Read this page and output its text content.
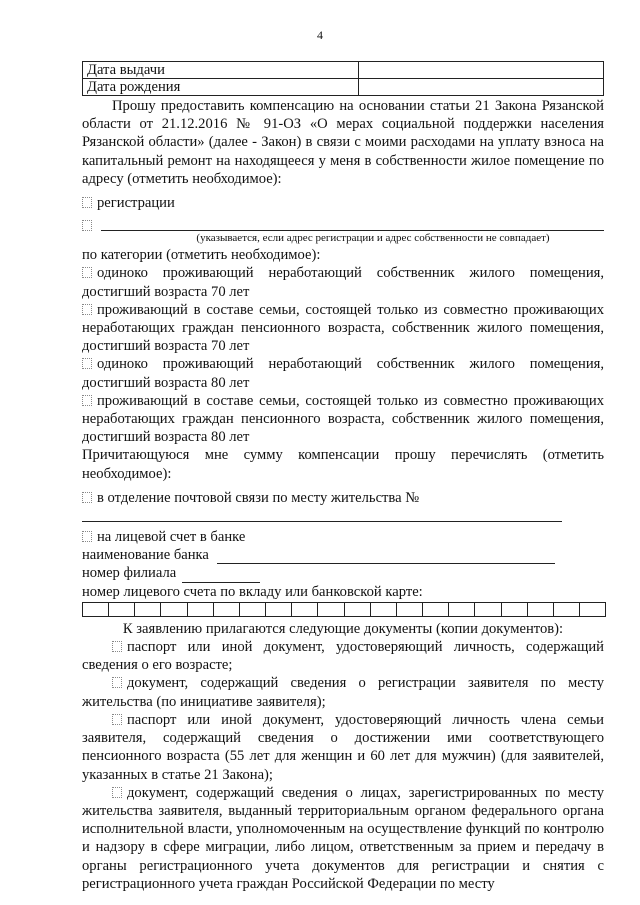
4
Дата выдачи	
Дата рождения	

Прошу предоставить компенсацию на основании статьи 21 Закона Рязанской области от 21.12.2016 № 91-ОЗ «О мерах социальной поддержки населения Рязанской области» (далее - Закон) в связи с моими расходами на уплату взноса на капитальный ремонт на находящееся у меня в собственности жилое помещение по адресу (отметить необходимое):

регистрации
(указывается, если адрес регистрации и адрес собственности не совпадает)

по категории (отметить необходимое):

одиноко проживающий неработающий собственник жилого помещения, достигший возраста 70 лет

проживающий в составе семьи, состоящей только из совместно проживающих неработающих граждан пенсионного возраста, собственник жилого помещения, достигший возраста 70 лет

одиноко проживающий неработающий собственник жилого помещения, достигший возраста 80 лет

проживающий в составе семьи, состоящей только из совместно проживающих неработающих граждан пенсионного возраста, собственник жилого помещения, достигший возраста 80 лет

Причитающуюся мне сумму компенсации прошу перечислять (отметить необходимое):

в отделение почтовой связи по месту жительства №
на лицевой счет в банке
наименование банка
номер филиала
номер лицевого счета по вкладу или банковской карте:

К заявлению прилагаются следующие документы (копии документов):

паспорт или иной документ, удостоверяющий личность, содержащий сведения о его возрасте;

документ, содержащий сведения о регистрации заявителя по месту жительства (по инициативе заявителя);

паспорт или иной документ, удостоверяющий личность члена семьи заявителя, содержащий сведения о достижении ими соответствующего пенсионного возраста (55 лет для женщин и 60 лет для мужчин) (для заявителей, указанных в статье 21 Закона);

документ, содержащий сведения о лицах, зарегистрированных по месту жительства заявителя, выданный территориальным органом федерального органа исполнительной власти, уполномоченным на осуществление функций по контролю и надзору в сфере миграции, либо лицом, ответственным за прием и передачу в органы регистрационного учета документов для регистрации и снятия с регистрационного учета граждан Российской Федерации по месту
